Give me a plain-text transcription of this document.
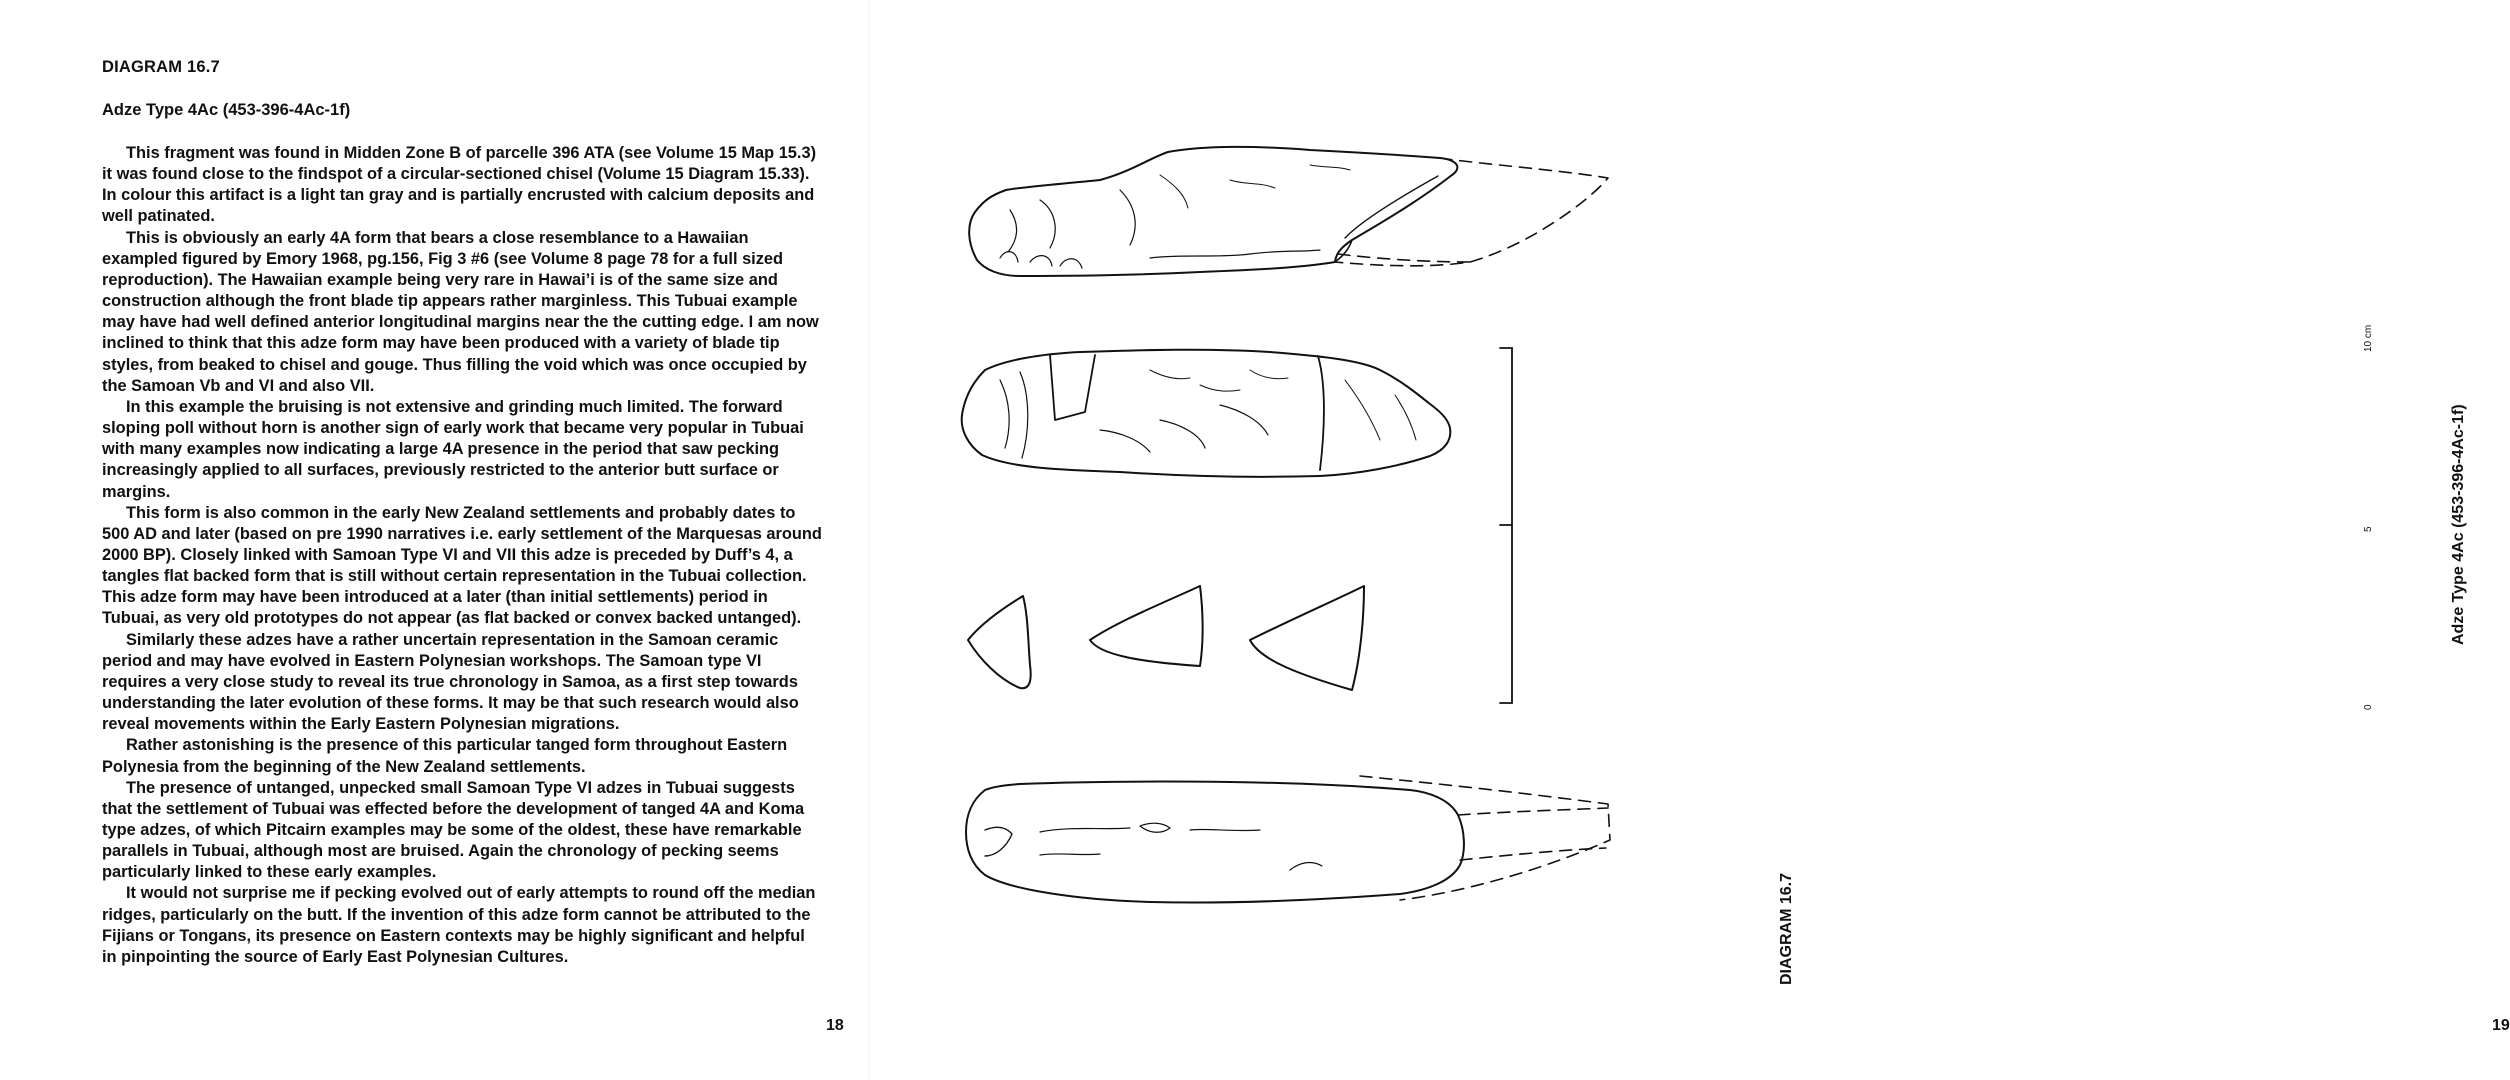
DIAGRAM 16.7
Adze Type 4Ac (453-396-4Ac-1f)

This fragment was found in Midden Zone B of parcelle 396 ATA (see Volume 15 Map 15.3) it was found close to the findspot of a circular-sectioned chisel (Volume 15 Diagram 15.33). In colour this artifact is a light tan gray and is partially encrusted with calcium deposits and well patinated.

This is obviously an early 4A form that bears a close resemblance to a Hawaiian exampled figured by Emory 1968, pg.156, Fig 3 #6 (see Volume 8 page 78 for a full sized reproduction). The Hawaiian example being very rare in Hawai’i is of the same size and construction although the front blade tip appears rather marginless. This Tubuai example may have had well defined anterior longitudinal margins near the the cutting edge. I am now inclined to think that this adze form may have been produced with a variety of blade tip styles, from beaked to chisel and gouge. Thus filling the void which was once occupied by the Samoan Vb and VI and also VII.

In this example the bruising is not extensive and grinding much limited. The forward sloping poll without horn is another sign of early work that became very popular in Tubuai with many examples now indicating a large 4A presence in the period that saw pecking increasingly applied to all surfaces, previously restricted to the anterior butt surface or margins.

This form is also common in the early New Zealand settlements and probably dates to 500 AD and later (based on pre 1990 narratives i.e. early settlement of the Marquesas around 2000 BP). Closely linked with Samoan Type VI and VII this adze is preceded by Duff’s 4, a tangles flat backed form that is still without certain representation in the Tubuai collection. This adze form may have been introduced at a later (than initial settlements) period in Tubuai, as very old prototypes do not appear (as flat backed or convex backed untanged).

Similarly these adzes have a rather uncertain representation in the Samoan ceramic period and may have evolved in Eastern Polynesian workshops. The Samoan type VI requires a very close study to reveal its true chronology in Samoa, as a first step towards understanding the later evolution of these forms. It may be that such research would also reveal movements within the Early Eastern Polynesian migrations.

Rather astonishing is the presence of this particular tanged form throughout Eastern Polynesia from the beginning of the New Zealand settlements.

The presence of untanged, unpecked small Samoan Type VI adzes in Tubuai suggests that the settlement of Tubuai was effected before the development of tanged 4A and Koma type adzes, of which Pitcairn examples may be some of the oldest, these have remarkable parallels in Tubuai, although most are bruised. Again the chronology of pecking seems particularly linked to these early examples.

It would not surprise me if pecking evolved out of early attempts to round off the median ridges, particularly on the butt. If the invention of this adze form cannot be attributed to the Fijians or Tongans, its presence on Eastern contexts may be highly significant and helpful in pinpointing the source of Early East Polynesian Cultures.

18
DIAGRAM 16.7
Adze Type 4Ac (453-396-4Ac-1f)
10 cm
5
0
19
